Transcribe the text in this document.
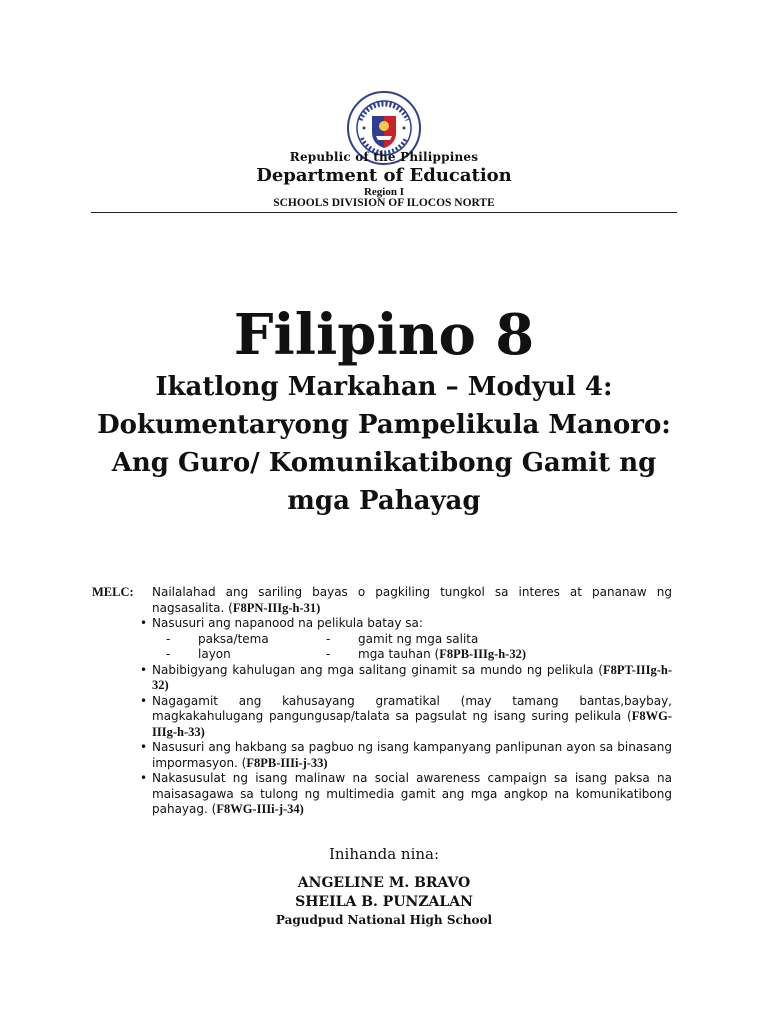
Republic of the Philippines
Department of Education
Region I
SCHOOLS DIVISION OF ILOCOS NORTE
Filipino 8
Ikatlong Markahan – Modyul 4: Dokumentaryong Pampelikula Manoro: Ang Guro/ Komunikatibong Gamit ng mga Pahayag
MELC: Nailalahad ang sariling bayas o pagkiling tungkol sa interes at pananaw ng nagsasalita. (F8PN-IIIg-h-31)
• Nasusuri ang napanood na pelikula batay sa:
- paksa/tema	- gamit ng mga salita
- layon	- mga tauhan (F8PB-IIIg-h-32)
• Nabibigyang kahulugan ang mga salitang ginamit sa mundo ng pelikula (F8PT-IIIg-h-32)
• Nagagamit ang kahusayang gramatikal (may tamang bantas,baybay, magkakahulugang pangungusap/talata sa pagsulat ng isang suring pelikula (F8WG-IIIg-h-33)
• Nasusuri ang hakbang sa pagbuo ng isang kampanyang panlipunan ayon sa binasang impormasyon. (F8PB-IIIi-j-33)
• Nakasusulat ng isang malinaw na social awareness campaign sa isang paksa na maisasagawa sa tulong ng multimedia gamit ang mga angkop na komunikatibong pahayag. (F8WG-IIIi-j-34)
Inihanda nina:
ANGELINE M. BRAVO
SHEILA B. PUNZALAN
Pagudpud National High School
